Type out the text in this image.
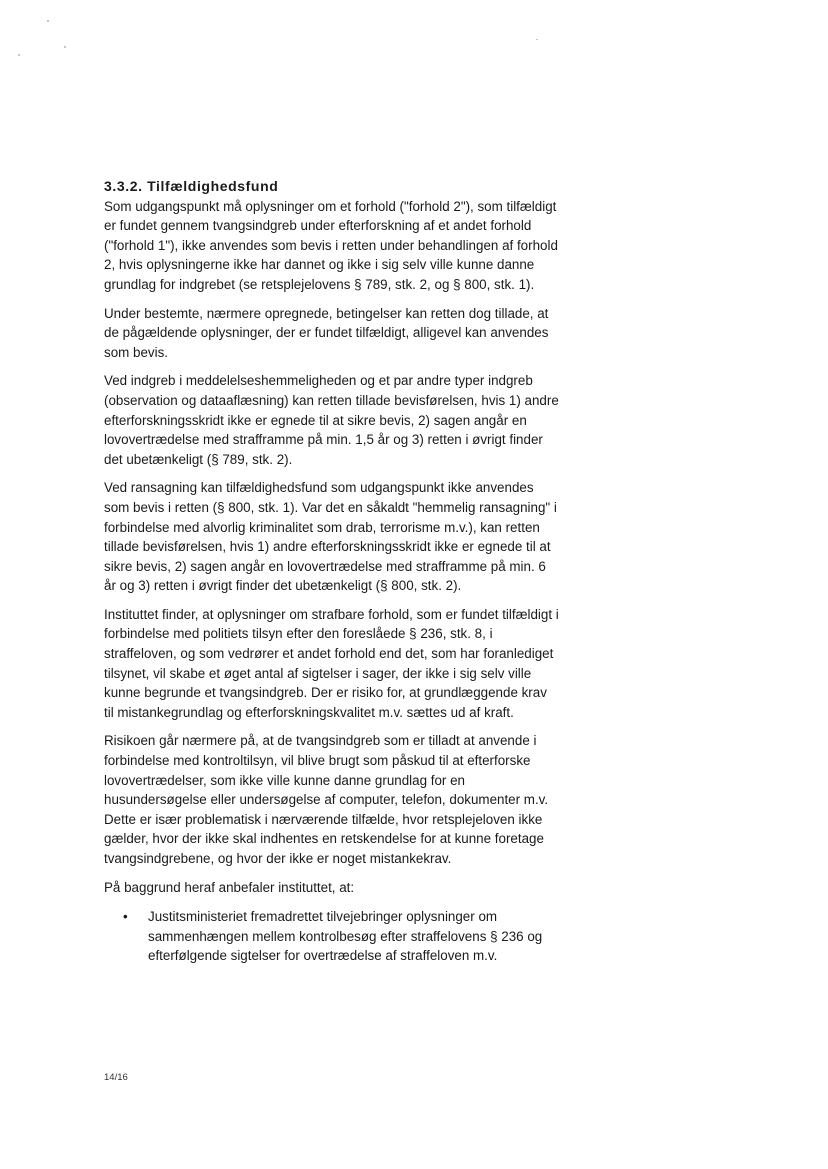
3.3.2. Tilfældighedsfund

Som udgangspunkt må oplysninger om et forhold ("forhold 2"), som tilfældigt er fundet gennem tvangsindgreb under efterforskning af et andet forhold ("forhold 1"), ikke anvendes som bevis i retten under behandlingen af forhold 2, hvis oplysningerne ikke har dannet og ikke i sig selv ville kunne danne grundlag for indgrebet (se retsplejelovens § 789, stk. 2, og § 800, stk. 1).

Under bestemte, nærmere opregnede, betingelser kan retten dog tillade, at de pågældende oplysninger, der er fundet tilfældigt, alligevel kan anvendes som bevis.

Ved indgreb i meddelelseshemmeligheden og et par andre typer indgreb (observation og dataaflæsning) kan retten tillade bevisførelsen, hvis 1) andre efterforskningsskridt ikke er egnede til at sikre bevis, 2) sagen angår en lovovertrædelse med strafframme på min. 1,5 år og 3) retten i øvrigt finder det ubetænkeligt (§ 789, stk. 2).

Ved ransagning kan tilfældighedsfund som udgangspunkt ikke anvendes som bevis i retten (§ 800, stk. 1). Var det en såkaldt "hemmelig ransagning" i forbindelse med alvorlig kriminalitet som drab, terrorisme m.v.), kan retten tillade bevisførelsen, hvis 1) andre efterforskningsskridt ikke er egnede til at sikre bevis, 2) sagen angår en lovovertrædelse med strafframme på min. 6 år og 3) retten i øvrigt finder det ubetænkeligt (§ 800, stk. 2).

Instituttet finder, at oplysninger om strafbare forhold, som er fundet tilfældigt i forbindelse med politiets tilsyn efter den foreslåede § 236, stk. 8, i straffeloven, og som vedrører et andet forhold end det, som har foranlediget tilsynet, vil skabe et øget antal af sigtelser i sager, der ikke i sig selv ville kunne begrunde et tvangsindgreb. Der er risiko for, at grundlæggende krav til mistankegrundlag og efterforskningskvalitet m.v. sættes ud af kraft.

Risikoen går nærmere på, at de tvangsindgreb som er tilladt at anvende i forbindelse med kontroltilsyn, vil blive brugt som påskud til at efterforske lovovertrædelser, som ikke ville kunne danne grundlag for en husundersøgelse eller undersøgelse af computer, telefon, dokumenter m.v. Dette er især problematisk i nærværende tilfælde, hvor retsplejeloven ikke gælder, hvor der ikke skal indhentes en retskendelse for at kunne foretage tvangsindgrebene, og hvor der ikke er noget mistankekrav.

På baggrund heraf anbefaler instituttet, at:

• Justitsministeriet fremadrettet tilvejebringer oplysninger om sammenhængen mellem kontrolbesøg efter straffelovens § 236 og efterfølgende sigtelser for overtrædelse af straffeloven m.v.
14/16
